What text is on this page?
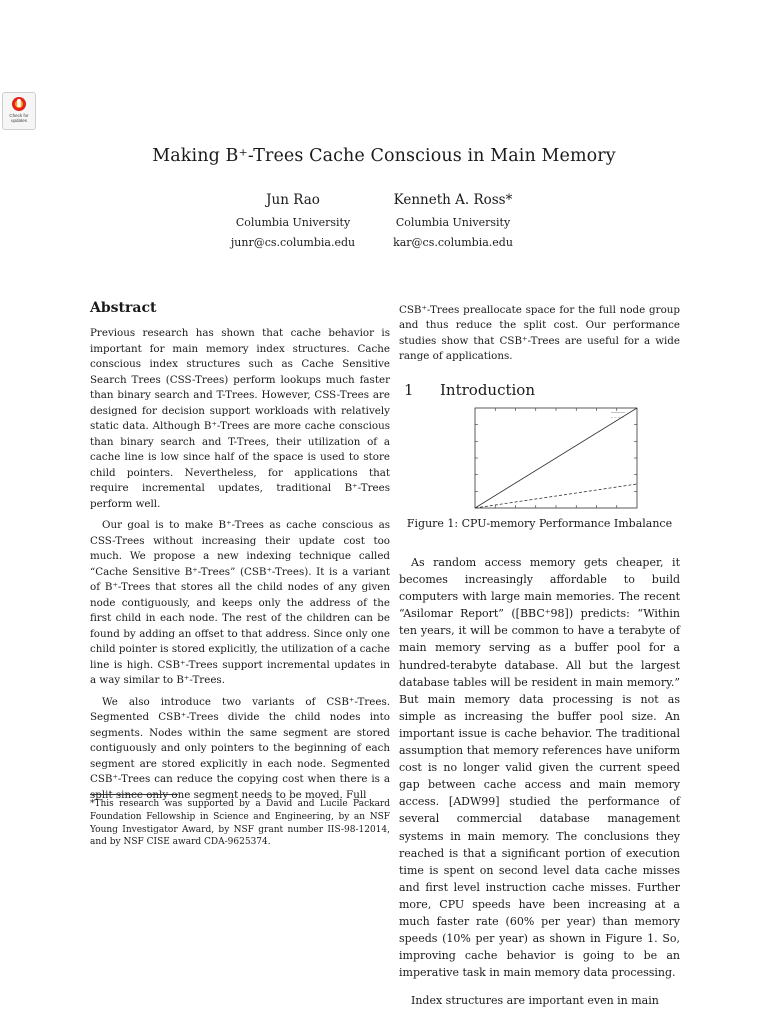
Check for updates
Making B⁺-Trees Cache Conscious in Main Memory
Jun Rao
Columbia University
junr@cs.columbia.edu
Kenneth A. Ross*
Columbia University
kar@cs.columbia.edu
Abstract

Previous research has shown that cache behavior is important for main memory index structures. Cache conscious index structures such as Cache Sensitive Search Trees (CSS-Trees) perform lookups much faster than binary search and T-Trees. However, CSS-Trees are designed for decision support workloads with relatively static data. Although B⁺-Trees are more cache conscious than binary search and T-Trees, their utilization of a cache line is low since half of the space is used to store child pointers. Nevertheless, for applications that require incremental updates, traditional B⁺-Trees perform well.

Our goal is to make B⁺-Trees as cache conscious as CSS-Trees without increasing their update cost too much. We propose a new indexing technique called “Cache Sensitive B⁺-Trees” (CSB⁺-Trees). It is a variant of B⁺-Trees that stores all the child nodes of any given node contiguously, and keeps only the address of the first child in each node. The rest of the children can be found by adding an offset to that address. Since only one child pointer is stored explicitly, the utilization of a cache line is high. CSB⁺-Trees support incremental updates in a way similar to B⁺-Trees.

We also introduce two variants of CSB⁺-Trees. Segmented CSB⁺-Trees divide the child nodes into segments. Nodes within the same segment are stored contiguously and only pointers to the beginning of each segment are stored explicitly in each node. Segmented CSB⁺-Trees can reduce the copying cost when there is a split since only one segment needs to be moved. Full

*This research was supported by a David and Lucile Packard Foundation Fellowship in Science and Engineering, by an NSF Young Investigator Award, by NSF grant number IIS-98-12014, and by NSF CISE award CDA-9625374.
CSB⁺-Trees preallocate space for the full node group and thus reduce the split cost. Our performance studies show that CSB⁺-Trees are useful for a wide range of applications.
1 Introduction
Figure 1: CPU-memory Performance Imbalance

As random access memory gets cheaper, it becomes increasingly affordable to build computers with large main memories. The recent “Asilomar Report” ([BBC⁺98]) predicts: “Within ten years, it will be common to have a terabyte of main memory serving as a buffer pool for a hundred-terabyte database. All but the largest database tables will be resident in main memory.” But main memory data processing is not as simple as increasing the buffer pool size. An important issue is cache behavior. The traditional assumption that memory references have uniform cost is no longer valid given the current speed gap between cache access and main memory access. [ADW99] studied the performance of several commercial database management systems in main memory. The conclusions they reached is that a significant portion of execution time is spent on second level data cache misses and first level instruction cache misses. Further more, CPU speeds have been increasing at a much faster rate (60% per year) than memory speeds (10% per year) as shown in Figure 1. So, improving cache behavior is going to be an imperative task in main memory data processing.

Index structures are important even in main
